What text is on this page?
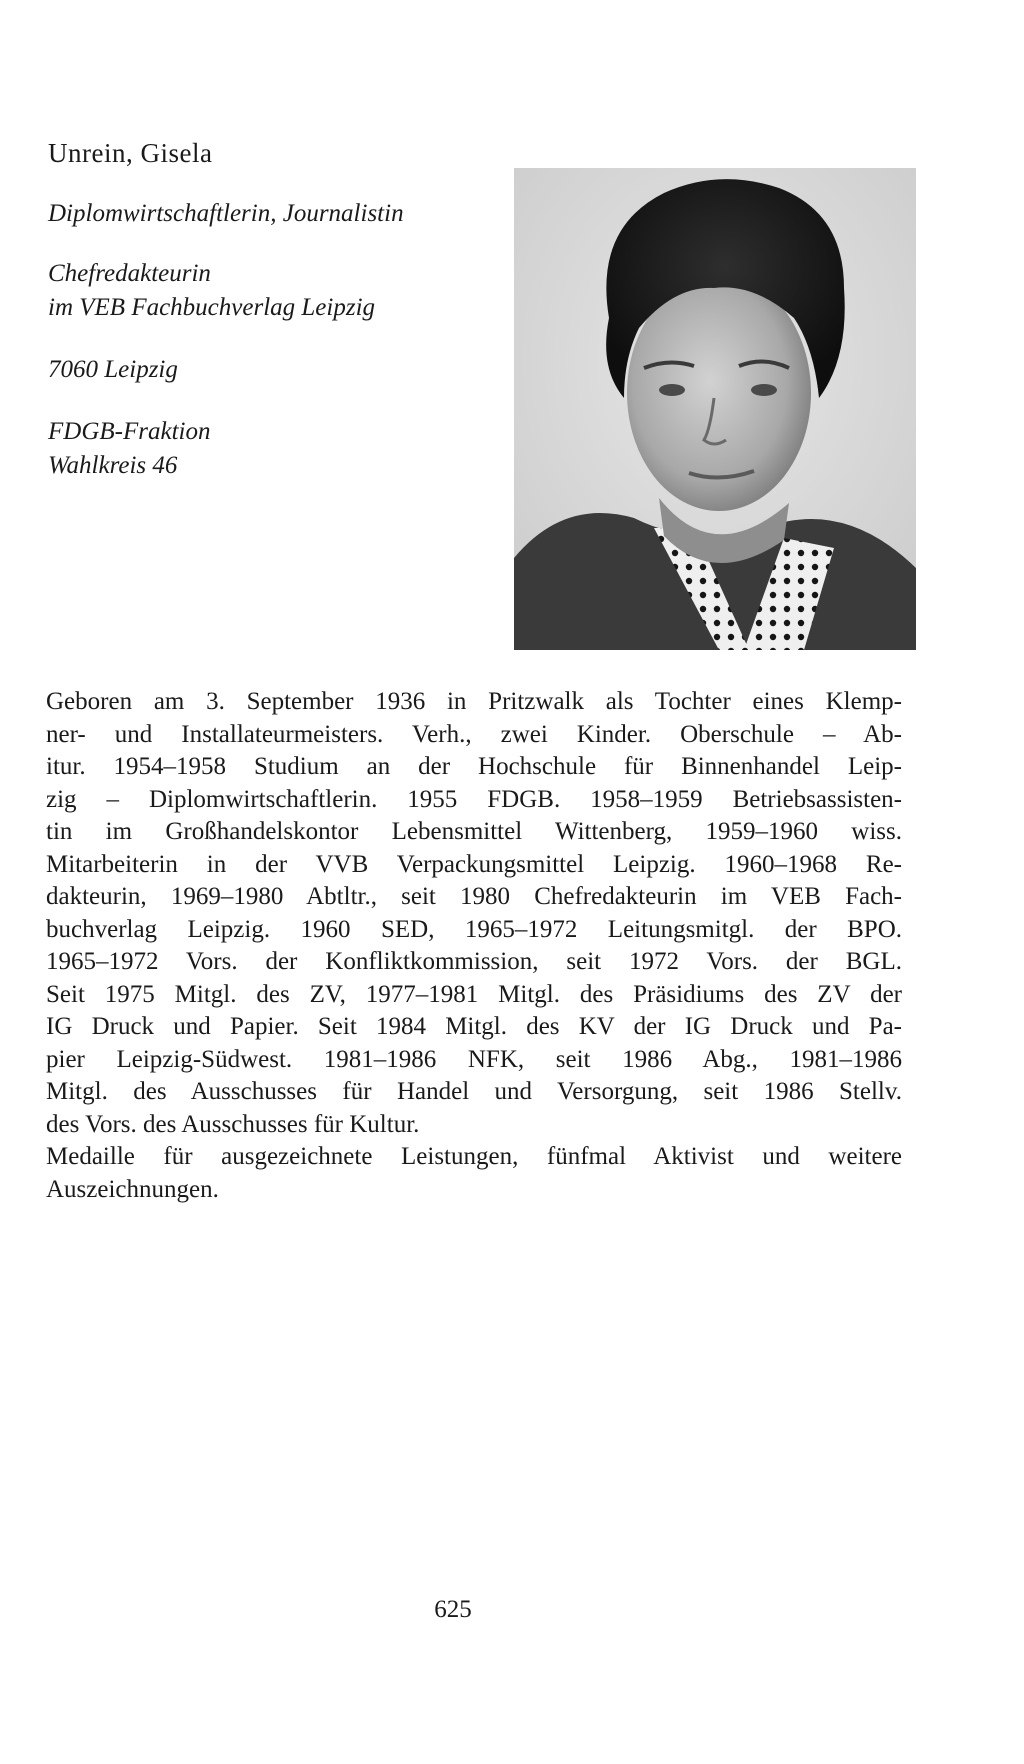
Unrein, Gisela

Diplomwirtschaftlerin, Journalistin

Chefredakteurin

im VEB Fachbuchverlag Leipzig

7060 Leipzig

FDGB-Fraktion

Wahlkreis 46

Geboren am 3. September 1936 in Pritzwalk als Tochter eines Klemp-
ner- und Installateurmeisters. Verh., zwei Kinder. Oberschule – Ab-
itur. 1954–1958 Studium an der Hochschule für Binnenhandel Leip-
zig – Diplomwirtschaftlerin. 1955 FDGB. 1958–1959 Betriebsassisten-
tin im Großhandelskontor Lebensmittel Wittenberg, 1959–1960 wiss.
Mitarbeiterin in der VVB Verpackungsmittel Leipzig. 1960–1968 Re-
dakteurin, 1969–1980 Abtltr., seit 1980 Chefredakteurin im VEB Fach-
buchverlag Leipzig. 1960 SED, 1965–1972 Leitungsmitgl. der BPO.
1965–1972 Vors. der Konfliktkommission, seit 1972 Vors. der BGL.
Seit 1975 Mitgl. des ZV, 1977–1981 Mitgl. des Präsidiums des ZV der
IG Druck und Papier. Seit 1984 Mitgl. des KV der IG Druck und Pa-
pier Leipzig-Südwest. 1981–1986 NFK, seit 1986 Abg., 1981–1986
Mitgl. des Ausschusses für Handel und Versorgung, seit 1986 Stellv.
des Vors. des Ausschusses für Kultur.
Medaille für ausgezeichnete Leistungen, fünfmal Aktivist und weitere
Auszeichnungen.

625
